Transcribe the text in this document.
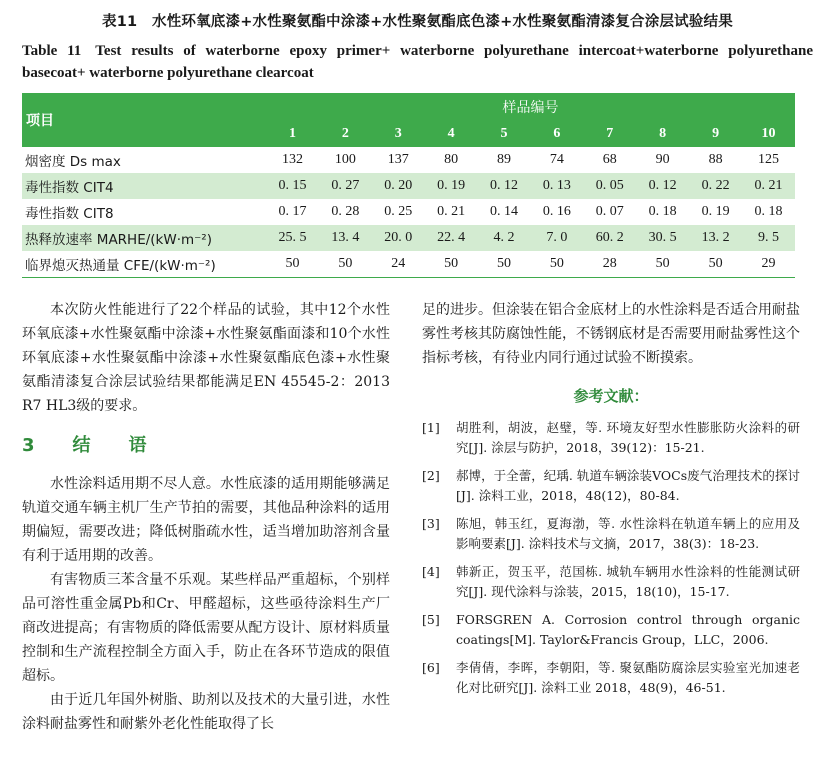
表11　水性环氧底漆+水性聚氨酯中涂漆+水性聚氨酯底色漆+水性聚氨酯清漆复合涂层试验结果
Table 11 Test results of waterborne epoxy primer+ waterborne polyurethane intercoat+waterborne polyurethane basecoat+ waterborne polyurethane clearcoat
项目	样品编号									
	1	2	3	4	5	6	7	8	9	10
烟密度 Ds max	132	100	137	80	89	74	68	90	88	125
毒性指数 CIT4	0. 15	0. 27	0. 20	0. 19	0. 12	0. 13	0. 05	0. 12	0. 22	0. 21
毒性指数 CIT8	0. 17	0. 28	0. 25	0. 21	0. 14	0. 16	0. 07	0. 18	0. 19	0. 18
热释放速率 MARHE/(kW·m⁻²)	25. 5	13. 4	20. 0	22. 4	4. 2	7. 0	60. 2	30. 5	13. 2	9. 5
临界熄灭热通量 CFE/(kW·m⁻²)	50	50	24	50	50	50	28	50	50	29

本次防火性能进行了22个样品的试验，其中12个水性环氧底漆+水性聚氨酯中涂漆+水性聚氨酯面漆和10个水性环氧底漆+水性聚氨酯中涂漆+水性聚氨酯底色漆+水性聚氨酯清漆复合涂层试验结果都能满足EN 45545-2：2013 R7 HL3级的要求。

3　结　语

水性涂料适用期不尽人意。水性底漆的适用期能够满足轨道交通车辆主机厂生产节拍的需要，其他品种涂料的适用期偏短，需要改进；降低树脂疏水性，适当增加助溶剂含量有利于适用期的改善。

有害物质三苯含量不乐观。某些样品严重超标，个别样品可溶性重金属Pb和Cr、甲醛超标，这些亟待涂料生产厂商改进提高；有害物质的降低需要从配方设计、原材料质量控制和生产流程控制全方面入手，防止在各环节造成的限值超标。

由于近几年国外树脂、助剂以及技术的大量引进，水性涂料耐盐雾性和耐紫外老化性能取得了长

足的进步。但涂装在铝合金底材上的水性涂料是否适合用耐盐雾性考核其防腐蚀性能，不锈钢底材是否需要用耐盐雾性这个指标考核，有待业内同行通过试验不断摸索。

参考文献：
[1]	胡胜利，胡波，赵璧，等. 环境友好型水性膨胀防火涂料的研究[J]. 涂层与防护，2018，39(12)：15-21.
[2]	郝博，于全蕾，纪瑀. 轨道车辆涂装VOCs废气治理技术的探讨[J]. 涂料工业，2018，48(12)，80-84.
[3]	陈旭，韩玉红，夏海渤，等. 水性涂料在轨道车辆上的应用及影响要素[J]. 涂料技术与文摘，2017，38(3)：18-23.
[4]	韩新正，贺玉平，范国栋. 城轨车辆用水性涂料的性能测试研究[J]. 现代涂料与涂装，2015，18(10)，15-17.
[5]	FORSGREN A. Corrosion control through organic coatings[M]. Taylor&Francis Group，LLC，2006.
[6]	李倩倩，李晖，李朝阳，等. 聚氨酯防腐涂层实验室光加速老化对比研究[J]. 涂料工业 2018，48(9)，46-51.
